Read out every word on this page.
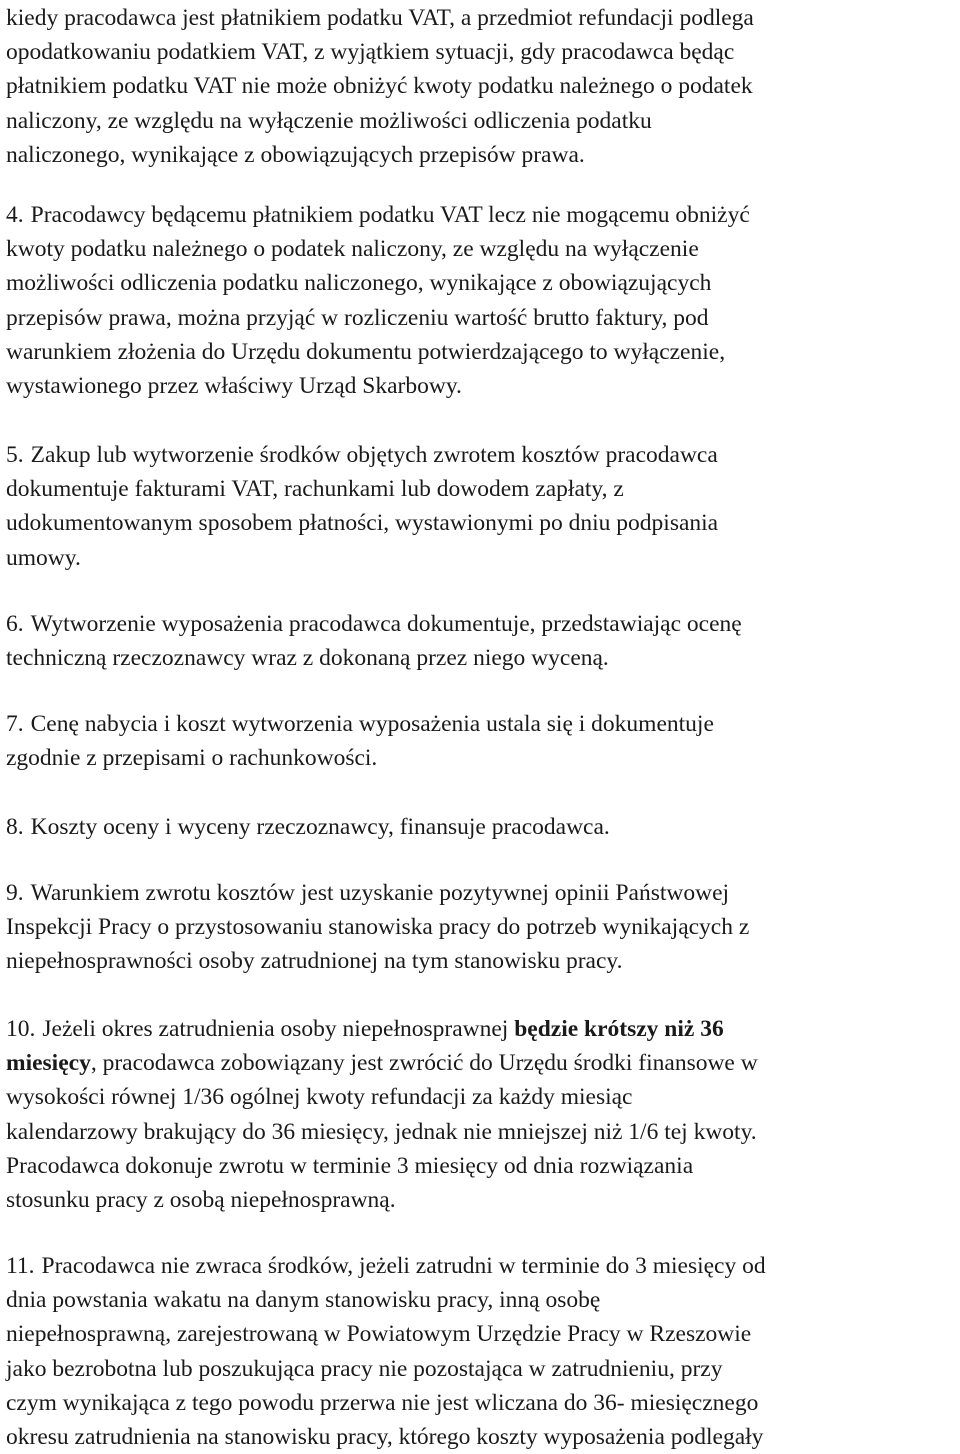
kiedy pracodawca jest płatnikiem podatku VAT, a przedmiot refundacji podlega
opodatkowaniu podatkiem VAT, z wyjątkiem sytuacji, gdy pracodawca będąc
płatnikiem podatku VAT nie może obniżyć kwoty podatku należnego o podatek
naliczony, ze względu na wyłączenie możliwości odliczenia podatku
naliczonego, wynikające z obowiązujących przepisów prawa.
4. Pracodawcy będącemu płatnikiem podatku VAT lecz nie mogącemu obniżyć
kwoty podatku należnego o podatek naliczony, ze względu na wyłączenie
możliwości odliczenia podatku naliczonego, wynikające z obowiązujących
przepisów prawa, można przyjąć w rozliczeniu wartość brutto faktury, pod
warunkiem złożenia do Urzędu dokumentu potwierdzającego to wyłączenie,
wystawionego przez właściwy Urząd Skarbowy.
5. Zakup lub wytworzenie środków objętych zwrotem kosztów pracodawca
dokumentuje fakturami VAT, rachunkami lub dowodem zapłaty, z
udokumentowanym sposobem płatności, wystawionymi po dniu podpisania
umowy.
6. Wytworzenie wyposażenia pracodawca dokumentuje, przedstawiając ocenę
techniczną rzeczoznawcy wraz z dokonaną przez niego wyceną.
7. Cenę nabycia i koszt wytworzenia wyposażenia ustala się i dokumentuje
zgodnie z przepisami o rachunkowości.
8. Koszty oceny i wyceny rzeczoznawcy, finansuje pracodawca.
9. Warunkiem zwrotu kosztów jest uzyskanie pozytywnej opinii Państwowej
Inspekcji Pracy o przystosowaniu stanowiska pracy do potrzeb wynikających z
niepełnosprawności osoby zatrudnionej na tym stanowisku pracy.
10. Jeżeli okres zatrudnienia osoby niepełnosprawnej będzie krótszy niż 36
miesięcy, pracodawca zobowiązany jest zwrócić do Urzędu środki finansowe w
wysokości równej 1/36 ogólnej kwoty refundacji za każdy miesiąc
kalendarzowy brakujący do 36 miesięcy, jednak nie mniejszej niż 1/6 tej kwoty.
Pracodawca dokonuje zwrotu w terminie 3 miesięcy od dnia rozwiązania
stosunku pracy z osobą niepełnosprawną.
11. Pracodawca nie zwraca środków, jeżeli zatrudni w terminie do 3 miesięcy od
dnia powstania wakatu na danym stanowisku pracy, inną osobę
niepełnosprawną, zarejestrowaną w Powiatowym Urzędzie Pracy w Rzeszowie
jako bezrobotna lub poszukująca pracy nie pozostająca w zatrudnieniu, przy
czym wynikająca z tego powodu przerwa nie jest wliczana do 36- miesięcznego
okresu zatrudnienia na stanowisku pracy, którego koszty wyposażenia podlegały
